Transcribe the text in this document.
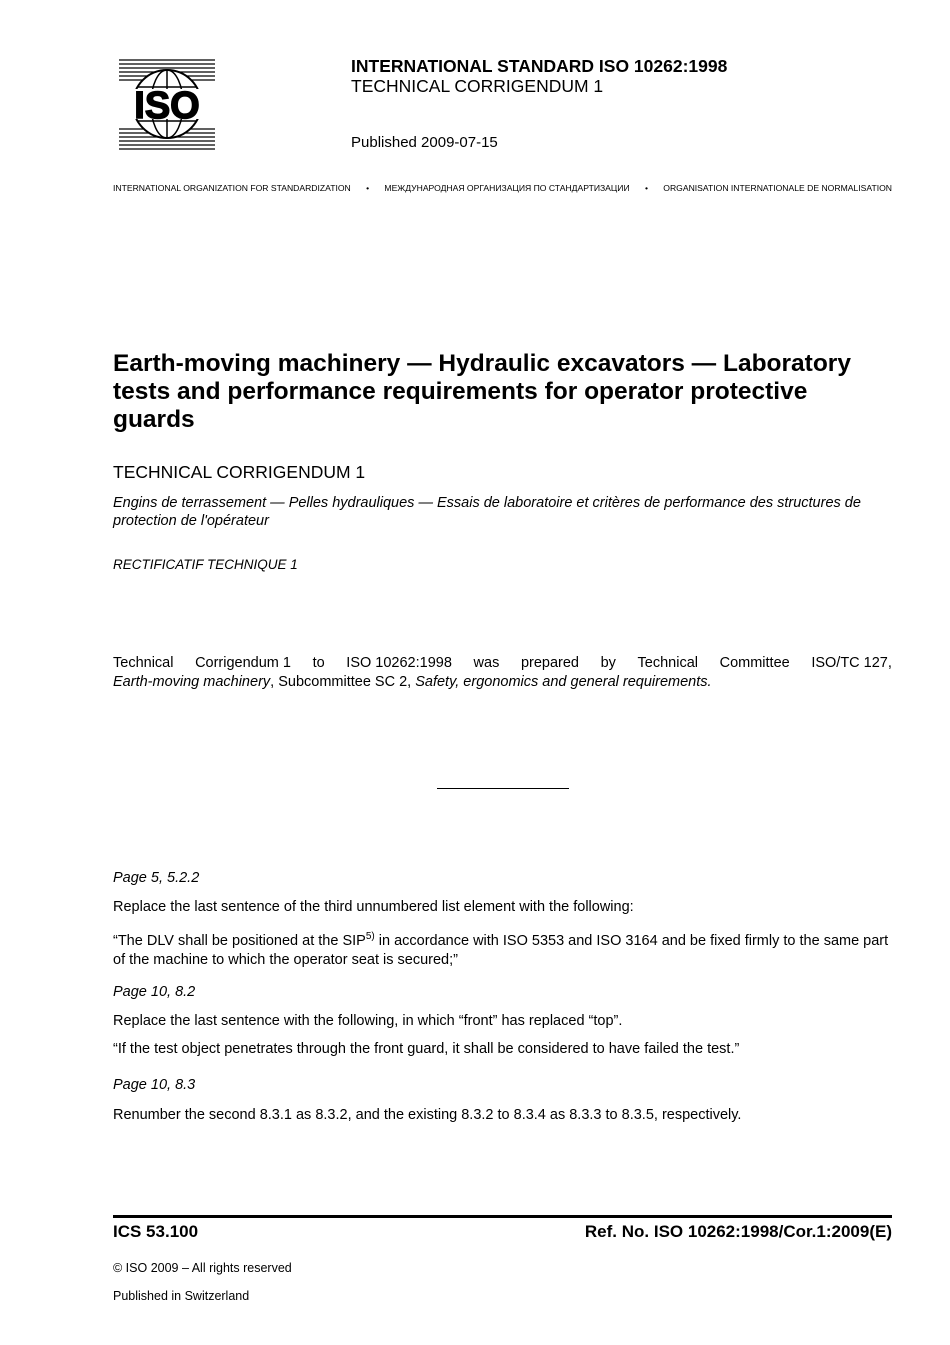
ISO
INTERNATIONAL STANDARD ISO 10262:1998
TECHNICAL CORRIGENDUM 1
Published 2009-07-15
INTERNATIONAL ORGANIZATION FOR STANDARDIZATION • МЕЖДУНАРОДНАЯ ОРГАНИЗАЦИЯ ПО СТАНДАРТИЗАЦИИ • ORGANISATION INTERNATIONALE DE NORMALISATION
Earth-moving machinery — Hydraulic excavators — Laboratory tests and performance requirements for operator protective guards
TECHNICAL CORRIGENDUM 1
Engins de terrassement — Pelles hydrauliques — Essais de laboratoire et critères de performance des structures de protection de l'opérateur
RECTIFICATIF TECHNIQUE 1
Technical Corrigendum 1 to ISO 10262:1998 was prepared by Technical Committee ISO/TC 127,
Earth-moving machinery, Subcommittee SC 2, Safety, ergonomics and general requirements.
Page 5, 5.2.2
Replace the last sentence of the third unnumbered list element with the following:
“The DLV shall be positioned at the SIP$^{5)}$ in accordance with ISO 5353 and ISO 3164 and be fixed firmly to the same part of the machine to which the operator seat is secured;”
Page 10, 8.2
Replace the last sentence with the following, in which “front” has replaced “top”.
“If the test object penetrates through the front guard, it shall be considered to have failed the test.”
Page 10, 8.3
Renumber the second 8.3.1 as 8.3.2, and the existing 8.3.2 to 8.3.4 as 8.3.3 to 8.3.5, respectively.
ICS 53.100	Ref. No. ISO 10262:1998/Cor.1:2009(E)
© ISO 2009 – All rights reserved
Published in Switzerland
